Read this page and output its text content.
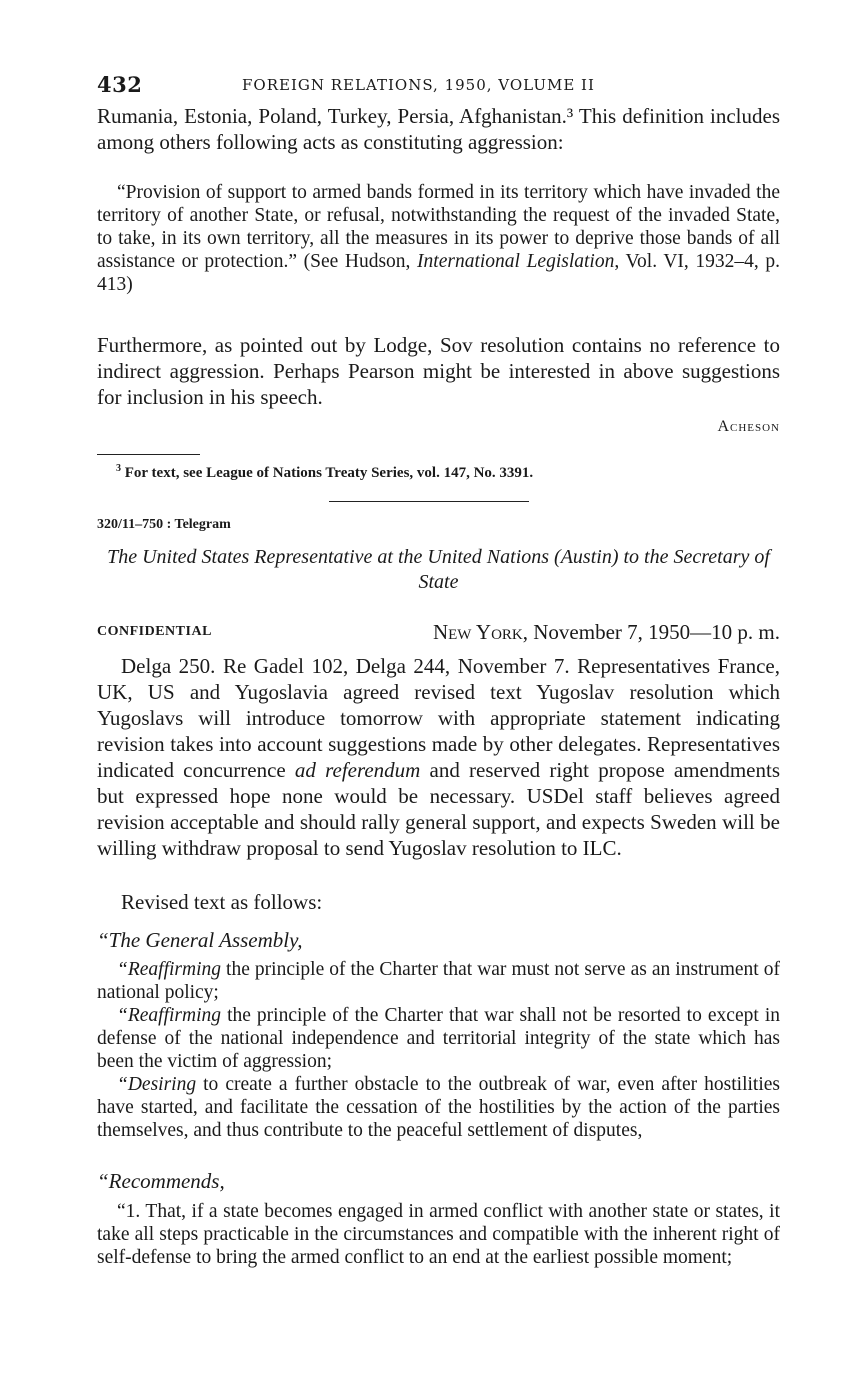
432	FOREIGN RELATIONS, 1950, VOLUME II

Rumania, Estonia, Poland, Turkey, Persia, Afghanistan.³ This definition includes among others following acts as constituting aggression:

“Provision of support to armed bands formed in its territory which have invaded the territory of another State, or refusal, notwithstanding the request of the invaded State, to take, in its own territory, all the measures in its power to deprive those bands of all assistance or protection.” (See Hudson, International Legislation, Vol. VI, 1932–4, p. 413)

Furthermore, as pointed out by Lodge, Sov resolution contains no reference to indirect aggression. Perhaps Pearson might be interested in above suggestions for inclusion in his speech.

Acheson
$^3$ For text, see League of Nations Treaty Series, vol. 147, No. 3391.
320/11–750 : Telegram
The United States Representative at the United Nations (Austin) to the Secretary of State
CONFIDENTIAL	New York, November 7, 1950—10 p. m.

Delga 250. Re Gadel 102, Delga 244, November 7. Representatives France, UK, US and Yugoslavia agreed revised text Yugoslav resolution which Yugoslavs will introduce tomorrow with appropriate statement indicating revision takes into account suggestions made by other delegates. Representatives indicated concurrence ad referendum and reserved right propose amendments but expressed hope none would be necessary. USDel staff believes agreed revision acceptable and should rally general support, and expects Sweden will be willing withdraw proposal to send Yugoslav resolution to ILC.

Revised text as follows:

“The General Assembly,

“Reaffirming the principle of the Charter that war must not serve as an instrument of national policy;
“Reaffirming the principle of the Charter that war shall not be resorted to except in defense of the national independence and territorial integrity of the state which has been the victim of aggression;
“Desiring to create a further obstacle to the outbreak of war, even after hostilities have started, and facilitate the cessation of the hostilities by the action of the parties themselves, and thus contribute to the peaceful settlement of disputes,

“Recommends,

“1. That, if a state becomes engaged in armed conflict with another state or states, it take all steps practicable in the circumstances and compatible with the inherent right of self-defense to bring the armed conflict to an end at the earliest possible moment;
